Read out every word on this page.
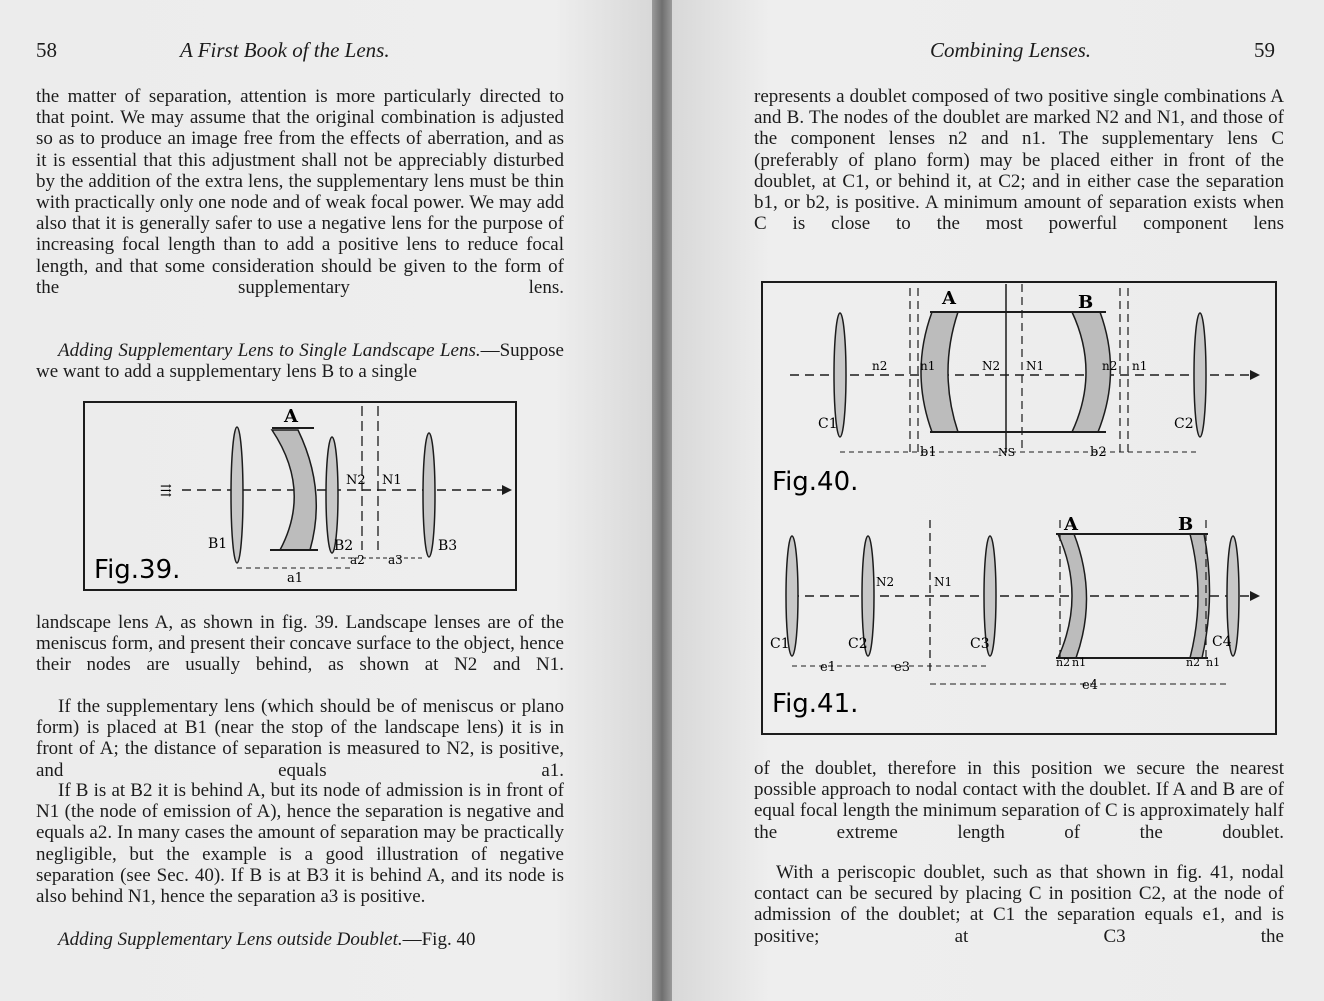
58	A First Book of the Lens.

the matter of separation, attention is more particularly directed to that point. We may assume that the original combination is adjusted so as to produce an image free from the effects of aberration, and as it is essential that this adjustment shall not be appreciably disturbed by the addition of the extra lens, the supplementary lens must be thin with practically only one node and of weak focal power. We may add also that it is generally safer to use a negative lens for the purpose of increasing focal length than to add a positive lens to reduce focal length, and that some consideration should be given to the form of the supplementary lens.

Adding Supplementary Lens to Single Landscape Lens.—Suppose we want to add a supplementary lens B to a single

⇶
A
N2 N1
B1	B2	B3
a1
a2 a3
Fig.39.

landscape lens A, as shown in fig. 39. Landscape lenses are of the meniscus form, and present their concave surface to the object, hence their nodes are usually behind, as shown at N2 and N1.

If the supplementary lens (which should be of meniscus or plano form) is placed at B1 (near the stop of the landscape lens) it is in front of A; the distance of separation is measured to N2, is positive, and equals a1.

If B is at B2 it is behind A, but its node of admission is in front of N1 (the node of emission of A), hence the separation is negative and equals a2. In many cases the amount of separation may be practically negligible, but the example is a good illustration of negative separation (see Sec. 40). If B is at B3 it is behind A, and its node is also behind N1, hence the separation a3 is positive.

Adding Supplementary Lens outside Doublet.—Fig. 40

Combining Lenses.	59

represents a doublet composed of two positive single combinations A and B. The nodes of the doublet are marked N2 and N1, and those of the component lenses n2 and n1. The supplementary lens C (preferably of plano form) may be placed either in front of the doublet, at C1, or behind it, at C2; and in either case the separation b1, or b2, is positive. A minimum amount of separation exists when C is close to the most powerful component lens

A	B
n2	n1	N2 N1	n2 n1
C1	C2
b1	NS	b2
Fig.40.
A	B
N2	N1
C1	C2	C3	C4
n2 n1	n2 n1
e1	e3
e4
Fig.41.

of the doublet, therefore in this position we secure the nearest possible approach to nodal contact with the doublet. If A and B are of equal focal length the minimum separation of C is approximately half the extreme length of the doublet.

With a periscopic doublet, such as that shown in fig. 41, nodal contact can be secured by placing C in position C2, at the node of admission of the doublet; at C1 the separation equals e1, and is positive; at C3 the
